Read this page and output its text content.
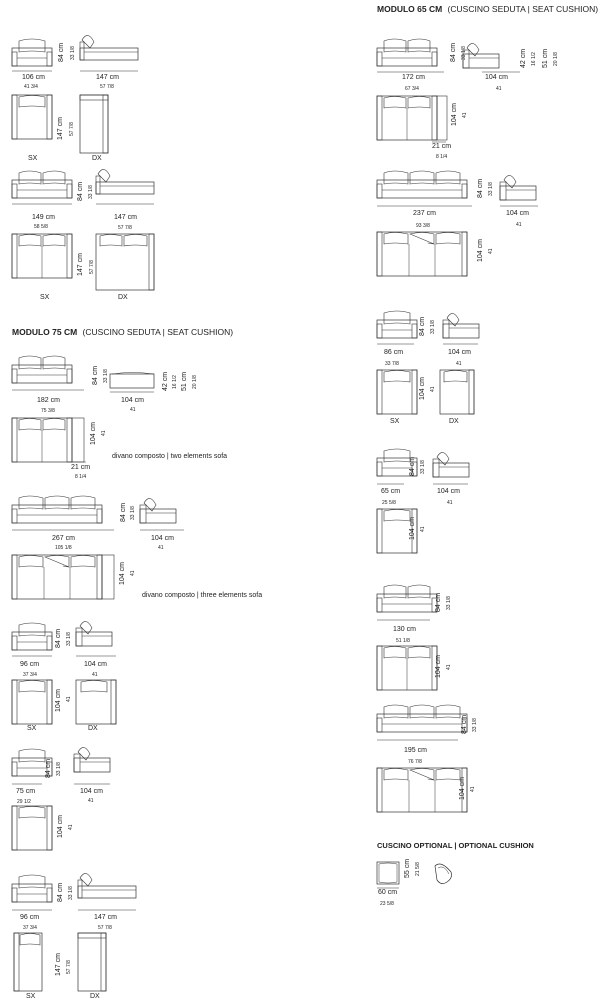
106 cm
41 3/4
147 cm
57 7/8
84 cm 33 1/8
147 cm 57 7/8
SX	DX
149 cm
58 5/8
147 cm
57 7/8
84 cm 33 1/8
147 cm 57 7/8
SX	DX
MODULO 75 CM (CUSCINO SEDUTA | SEAT CUSHION)
182 cm
75 3/8
84 cm 33 1/8
104 cm
41
42 cm 16 1/2 51 cm 20 1/8
104 cm 41
divano composto | two elements sofa
21 cm
8 1/4
267 cm
105 1/8
84 cm 33 1/8
104 cm
41
104 cm 41
divano composto | three elements sofa
96 cm
37 3/4
84 cm 33 1/8
104 cm
41
104 cm 41
SX	DX
75 cm
29 1/2
84 cm 33 1/8
104 cm
41
104 cm 41
96 cm
37 3/4
84 cm 33 1/8
147 cm
57 7/8
147 cm 57 7/8
SX	DX
MODULO 65 CM (CUSCINO SEDUTA | SEAT CUSHION)
172 cm
67 3/4
84 cm 33 1/8
104 cm
41
42 cm 16 1/2 51 cm 20 1/8
104 cm 41
21 cm
8 1/4
237 cm
93 3/8
84 cm 33 1/8
104 cm
41
104 cm 41
86 cm
33 7/8
84 cm 33 1/8
104 cm
41
104 cm 41
SX	DX
65 cm
25 5/8
84 cm 33 1/8
104 cm
41
104 cm 41
130 cm
51 1/8
84 cm 33 1/8
104 cm 41
195 cm
76 7/8
84 cm 33 1/8
104 cm 41
CUSCINO OPTIONAL | OPTIONAL CUSHION
55 cm 21 5/8
60 cm
23 5/8
